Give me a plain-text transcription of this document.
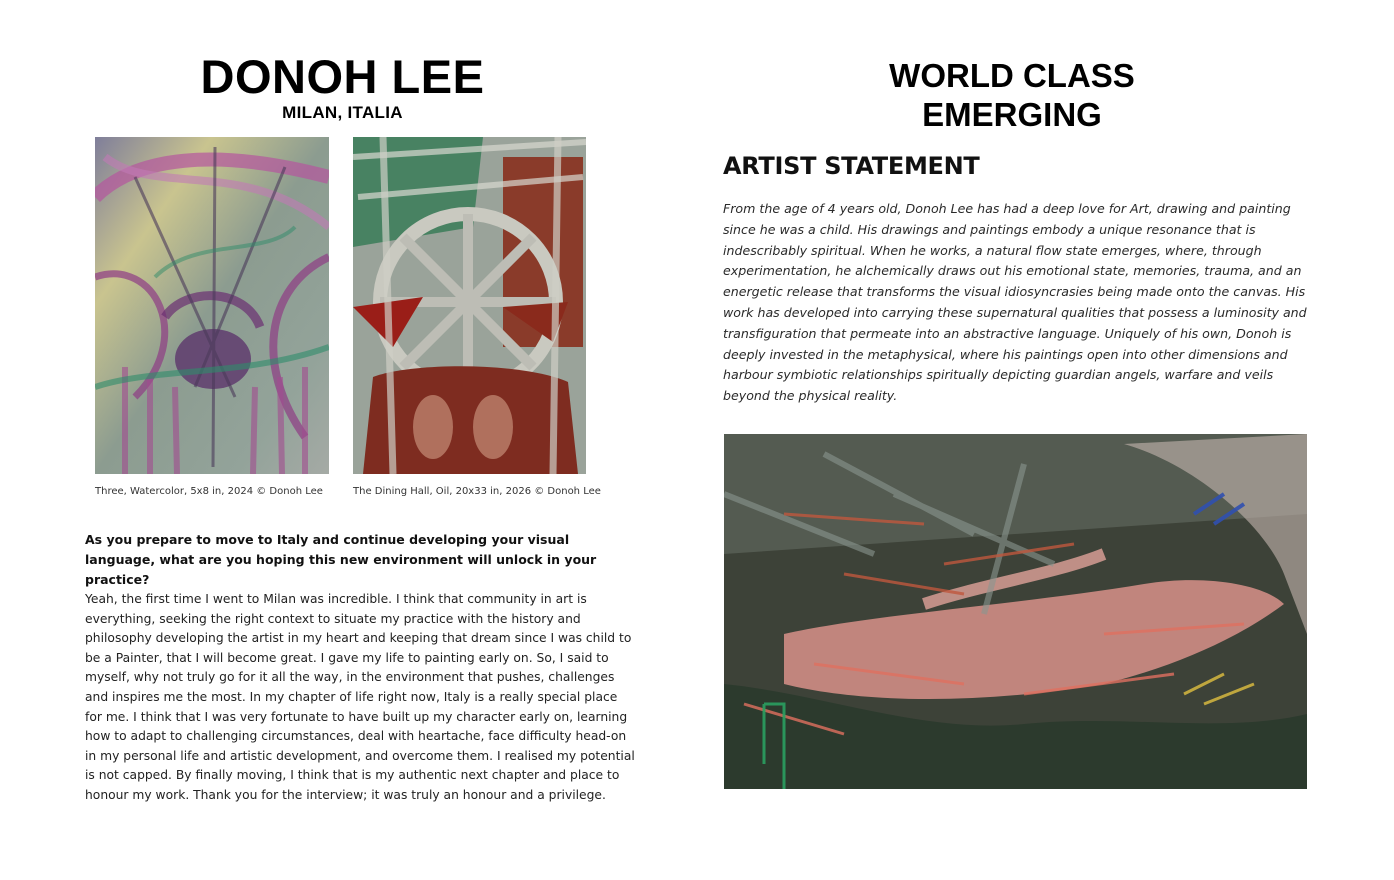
DONOH LEE
MILAN, ITALIA
Three, Watercolor, 5x8 in, 2024 © Donoh Lee	The Dining Hall, Oil, 20x33 in, 2026 © Donoh Lee

As you prepare to move to Italy and continue developing your visual language, what are you hoping this new environment will unlock in your practice?

Yeah, the first time I went to Milan was incredible. I think that community in art is everything, seeking the right context to situate my practice with the history and philosophy developing the artist in my heart and keeping that dream since I was child to be a Painter, that I will become great. I gave my life to painting early on. So, I said to myself, why not truly go for it all the way, in the environment that pushes, challenges and inspires me the most. In my chapter of life right now, Italy is a really special place for me. I think that I was very fortunate to have built up my character early on, learning how to adapt to challenging circumstances, deal with heartache, face difficulty head-on in my personal life and artistic development, and overcome them. I realised my potential is not capped. By finally moving, I think that is my authentic next chapter and place to honour my work. Thank you for the interview; it was truly an honour and a privilege.

WORLD CLASS
EMERGING
ARTIST STATEMENT

From the age of 4 years old, Donoh Lee has had a deep love for Art, drawing and painting since he was a child. His drawings and paintings embody a unique resonance that is indescribably spiritual. When he works, a natural flow state emerges, where, through experimentation, he alchemically draws out his emotional state, memories, trauma, and an energetic release that transforms the visual idiosyncrasies being made onto the canvas. His work has developed into carrying these supernatural qualities that possess a luminosity and transfiguration that permeate into an abstractive language. Uniquely of his own, Donoh is deeply invested in the metaphysical, where his paintings open into other dimensions and harbour symbiotic relationships spiritually depicting guardian angels, warfare and veils beyond the physical reality.
